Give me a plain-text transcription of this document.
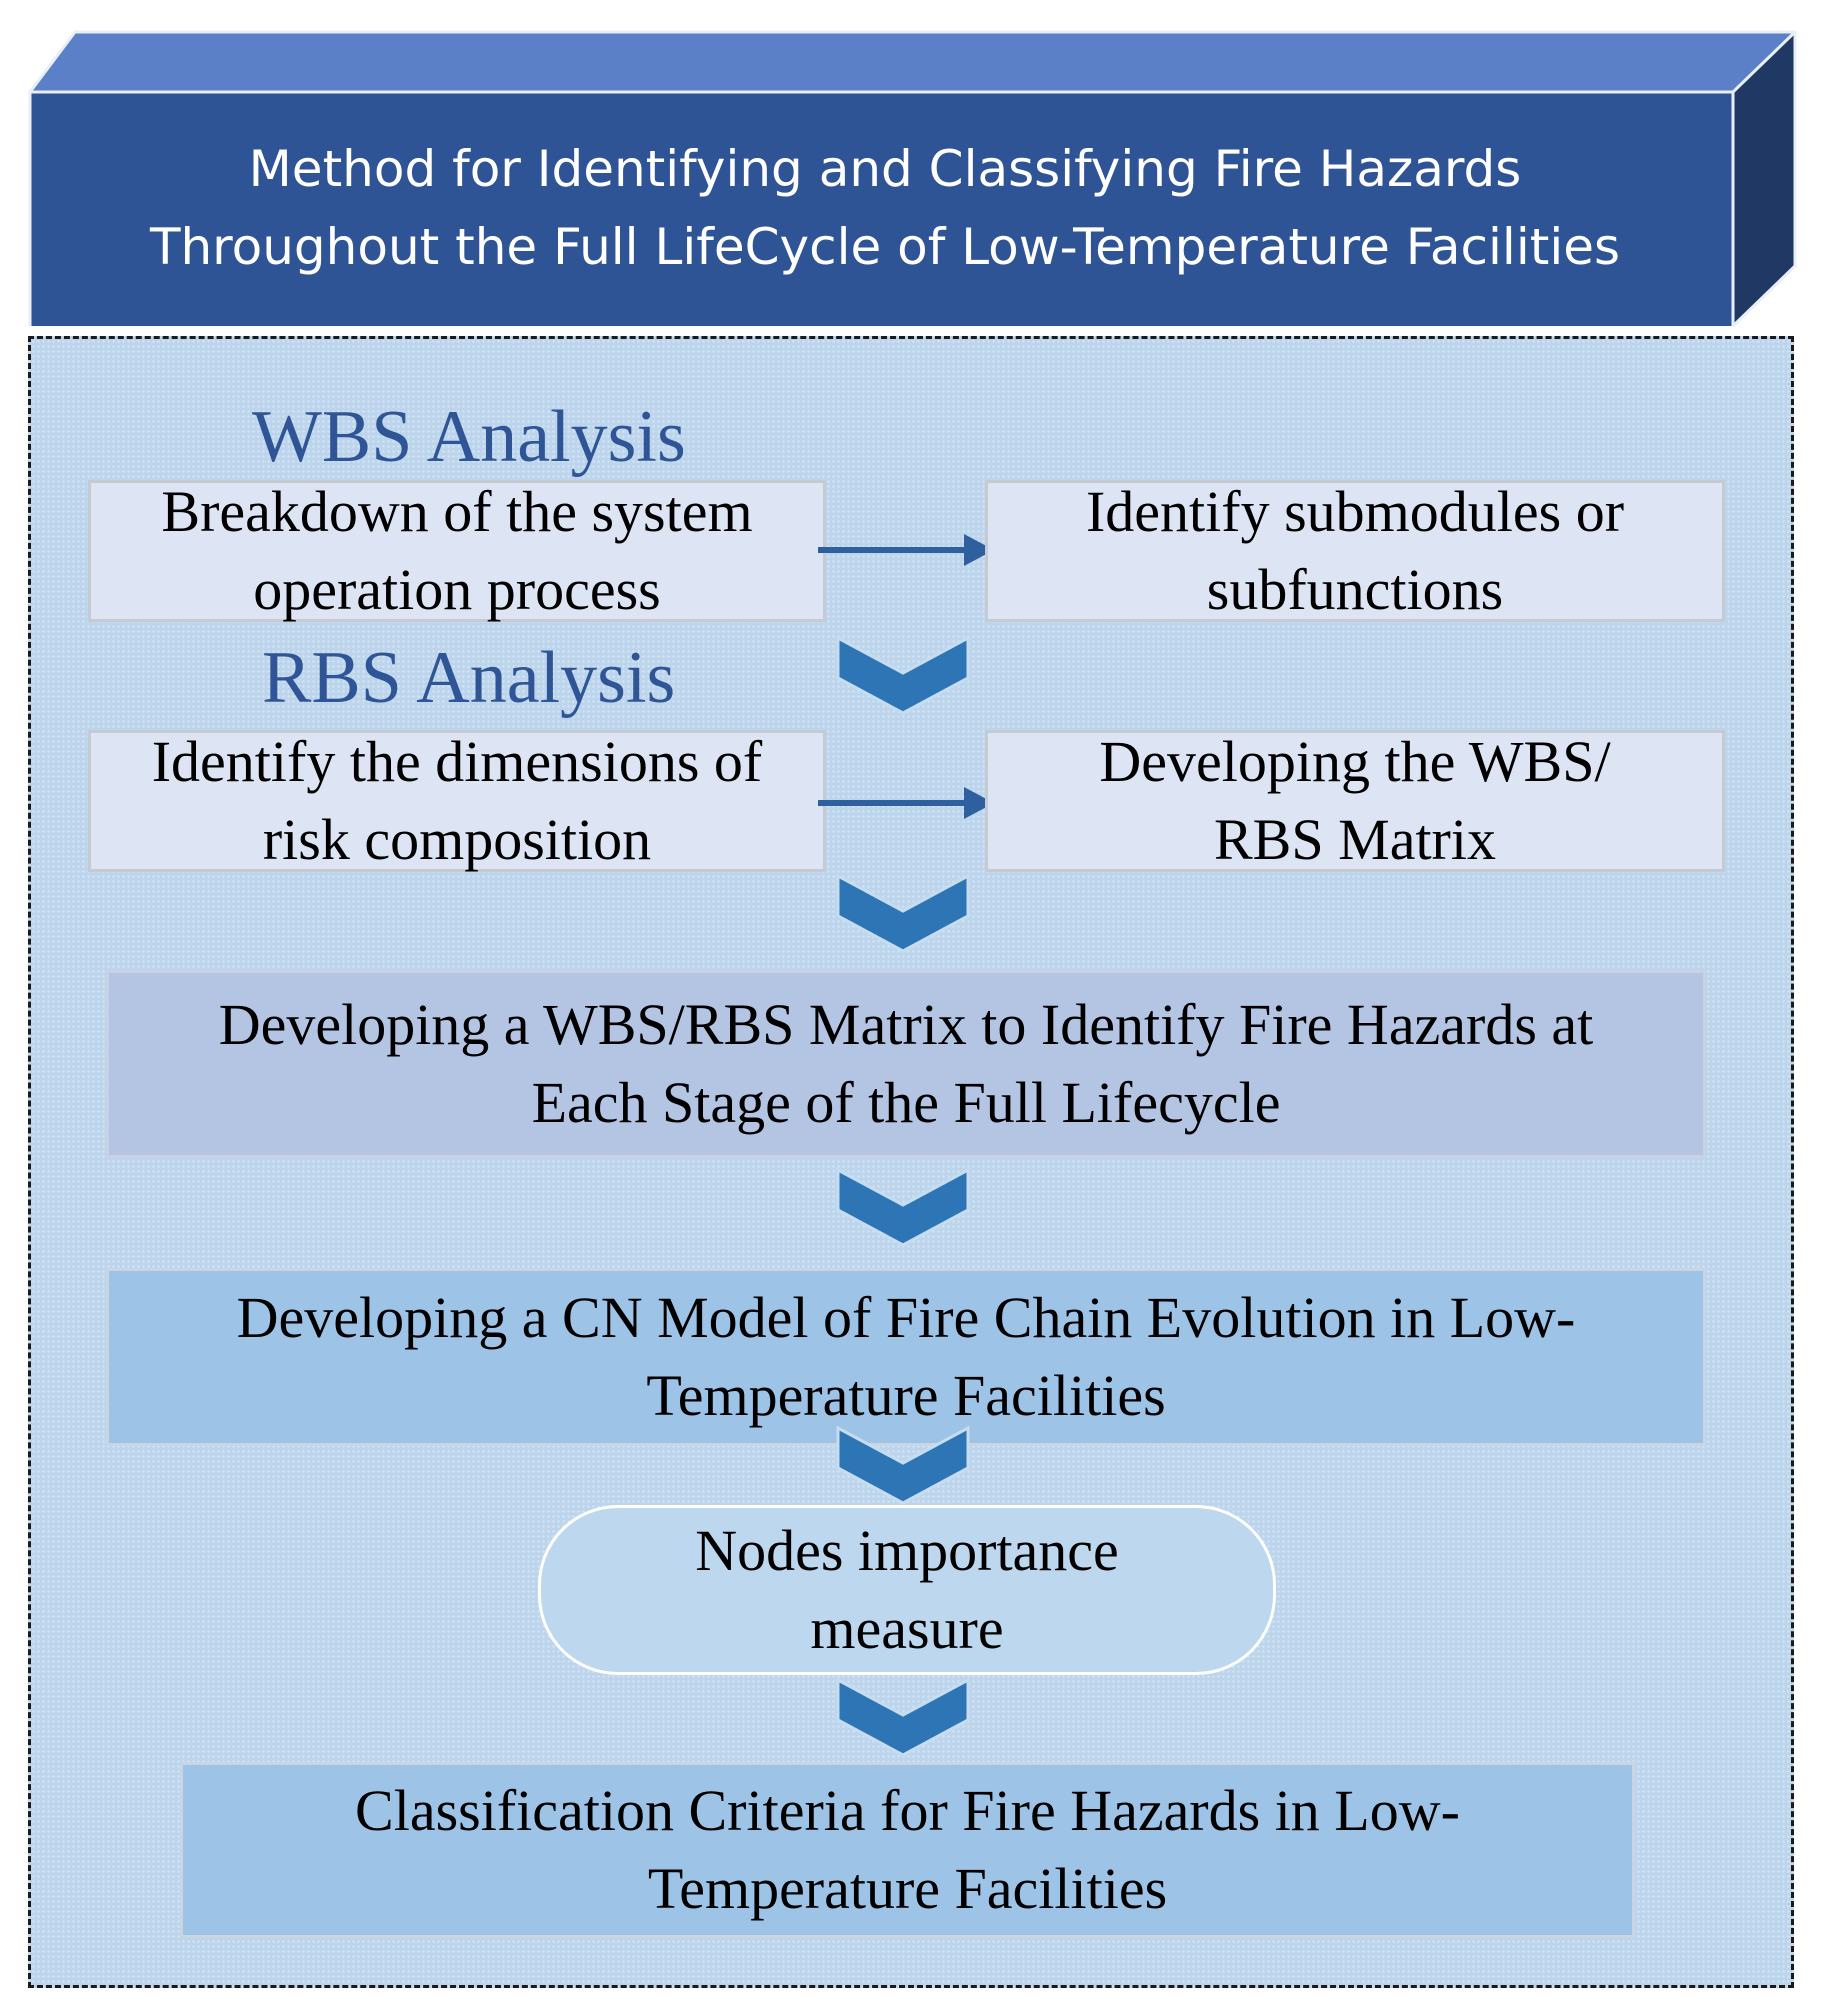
Method for Identifying and Classifying Fire Hazards
Throughout the Full LifeCycle of Low-Temperature Facilities
WBS Analysis
Breakdown of the system
operation process
Identify submodules or
subfunctions
RBS Analysis
Identify the dimensions of
risk composition
Developing the WBS/
RBS Matrix
Developing a WBS/RBS Matrix to Identify Fire Hazards at
Each Stage of the Full Lifecycle
Developing a CN Model of Fire Chain Evolution in Low-
Temperature Facilities
Nodes importance
measure
Classification Criteria for Fire Hazards in Low-
Temperature Facilities
